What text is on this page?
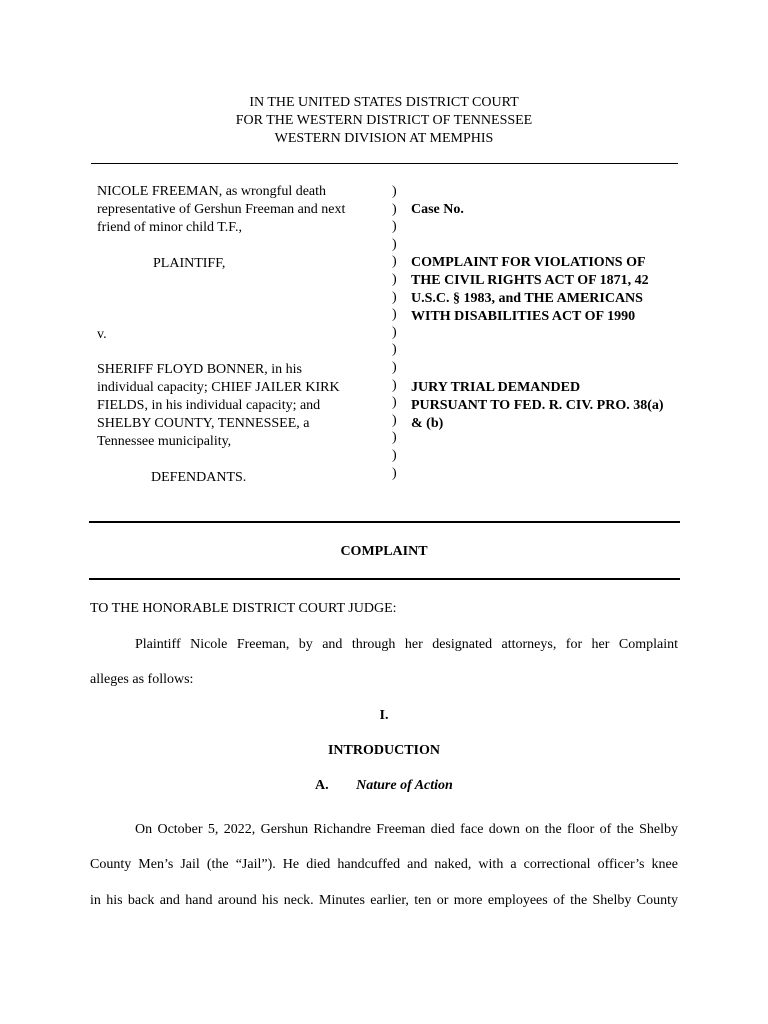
IN THE UNITED STATES DISTRICT COURT
FOR THE WESTERN DISTRICT OF TENNESSEE
WESTERN DIVISION AT MEMPHIS
NICOLE FREEMAN, as wrongful death
representative of Gershun Freeman and next
friend of minor child T.F.,
PLAINTIFF,
v.
SHERIFF FLOYD BONNER, in his
individual capacity; CHIEF JAILER KIRK
FIELDS, in his individual capacity; and
SHELBY COUNTY, TENNESSEE, a
Tennessee municipality,
DEFENDANTS.
)
)
)
)
)
)
)
)
)
)
)
)
)
)
)
)
)
Case No.
COMPLAINT FOR VIOLATIONS OF
THE CIVIL RIGHTS ACT OF 1871, 42
U.S.C. § 1983, and THE AMERICANS
WITH DISABILITIES ACT OF 1990
JURY TRIAL DEMANDED
PURSUANT TO FED. R. CIV. PRO. 38(a)
& (b)
COMPLAINT
TO THE HONORABLE DISTRICT COURT JUDGE:
Plaintiff Nicole Freeman, by and through her designated attorneys, for her Complaint
alleges as follows:
I.
INTRODUCTION
A. Nature of Action
On October 5, 2022, Gershun Richandre Freeman died face down on the floor of the Shelby
County Men’s Jail (the “Jail”). He died handcuffed and naked, with a correctional officer’s knee
in his back and hand around his neck. Minutes earlier, ten or more employees of the Shelby County
